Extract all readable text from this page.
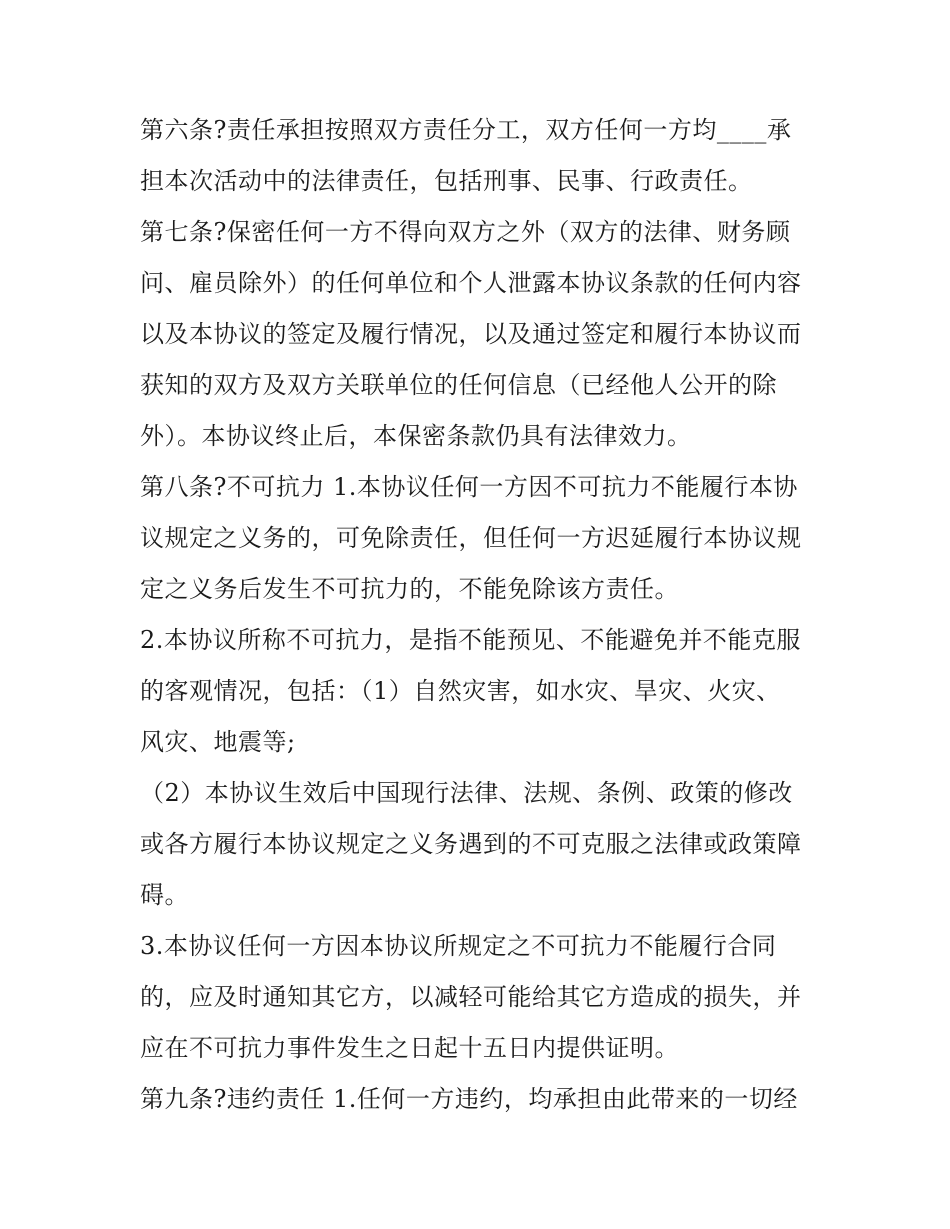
第六条?责任承担按照双方责任分工，双方任何一方均____承
担本次活动中的法律责任，包括刑事、民事、行政责任。
第七条?保密任何一方不得向双方之外（双方的法律、财务顾
问、雇员除外）的任何单位和个人泄露本协议条款的任何内容
以及本协议的签定及履行情况，以及通过签定和履行本协议而
获知的双方及双方关联单位的任何信息（已经他人公开的除
外）。本协议终止后，本保密条款仍具有法律效力。
第八条?不可抗力 1.本协议任何一方因不可抗力不能履行本协
议规定之义务的，可免除责任，但任何一方迟延履行本协议规
定之义务后发生不可抗力的，不能免除该方责任。
2.本协议所称不可抗力，是指不能预见、不能避免并不能克服
的客观情况，包括：（1）自然灾害，如水灾、旱灾、火灾、
风灾、地震等;
（2）本协议生效后中国现行法律、法规、条例、政策的修改
或各方履行本协议规定之义务遇到的不可克服之法律或政策障
碍。
3.本协议任何一方因本协议所规定之不可抗力不能履行合同
的，应及时通知其它方，以减轻可能给其它方造成的损失，并
应在不可抗力事件发生之日起十五日内提供证明。
第九条?违约责任 1.任何一方违约，均承担由此带来的一切经
